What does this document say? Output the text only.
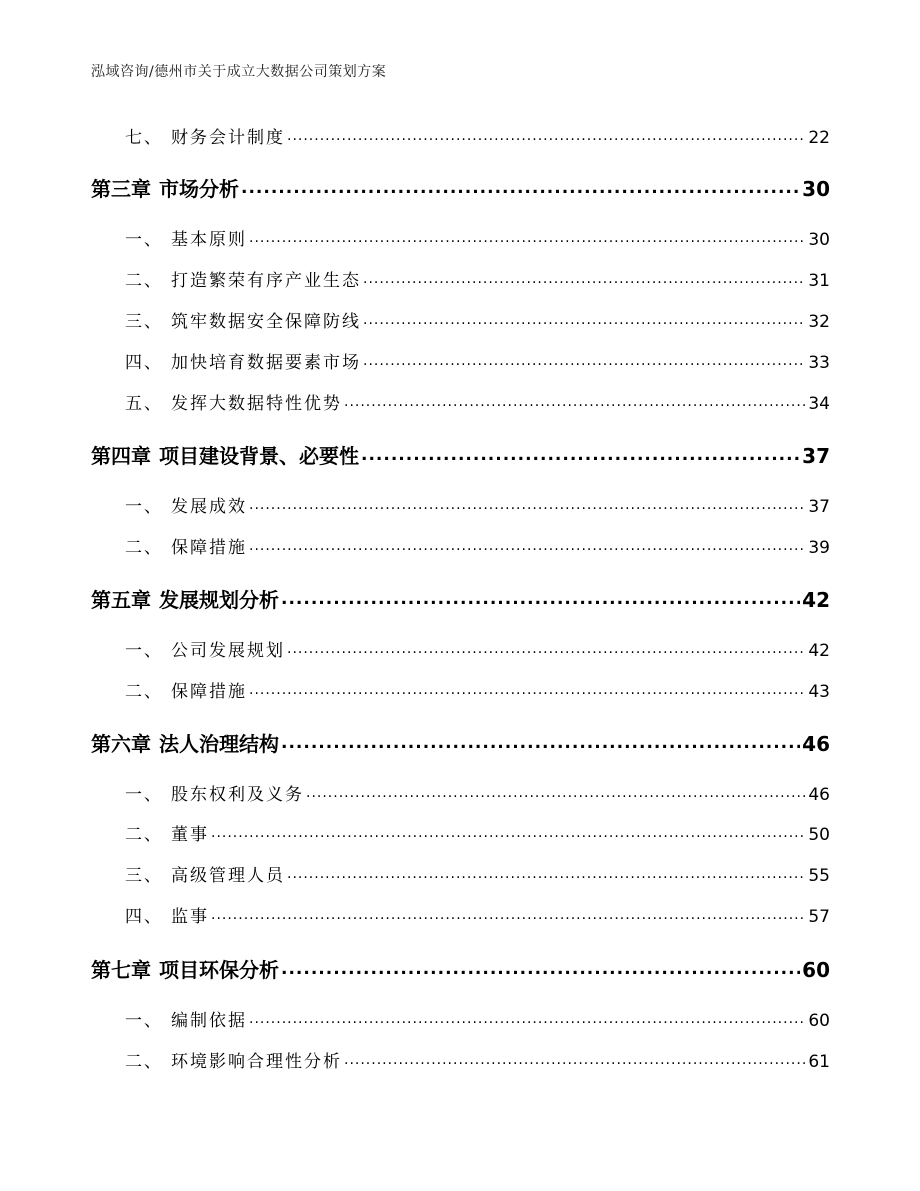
泓域咨询/德州市关于成立大数据公司策划方案
七、 财务会计制度 .....	22
第三章 市场分析 .....	30
一、 基本原则 .....	30
二、 打造繁荣有序产业生态 .....	31
三、 筑牢数据安全保障防线 .....	32
四、 加快培育数据要素市场 .....	33
五、 发挥大数据特性优势 .....	34
第四章 项目建设背景、必要性 .....	37
一、 发展成效 .....	37
二、 保障措施 .....	39
第五章 发展规划分析 .....	42
一、 公司发展规划 .....	42
二、 保障措施 .....	43
第六章 法人治理结构 .....	46
一、 股东权利及义务 .....	46
二、 董事 .....	50
三、 高级管理人员 .....	55
四、 监事 .....	57
第七章 项目环保分析 .....	60
一、 编制依据 .....	60
二、 环境影响合理性分析 .....	61
